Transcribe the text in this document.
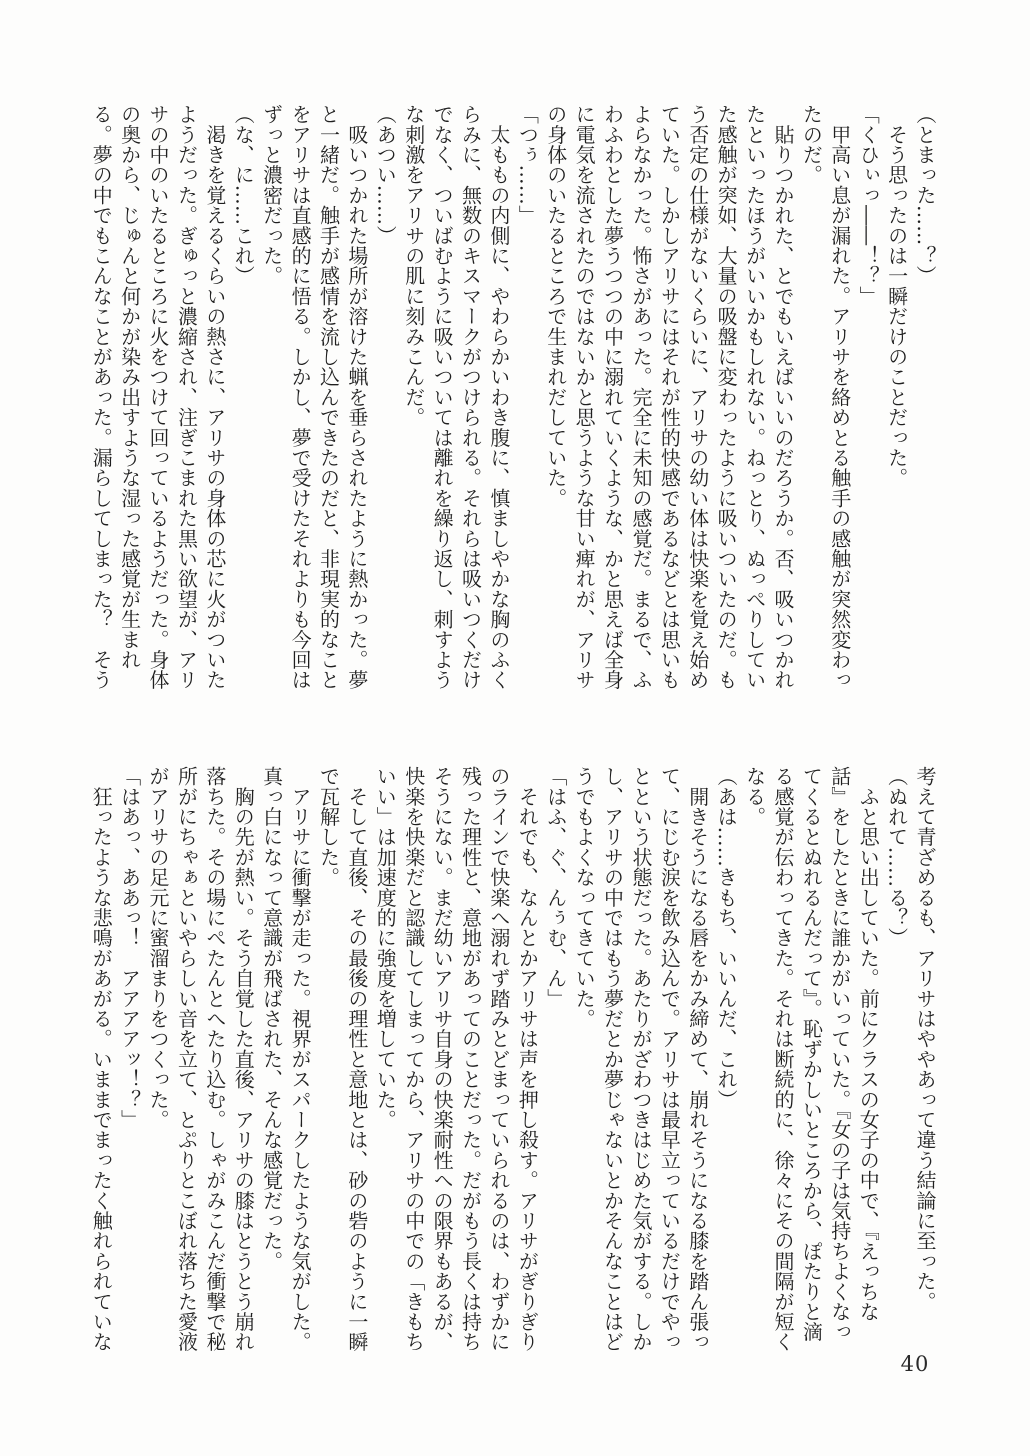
（とまった……？）
　そう思ったのは一瞬だけのことだった。
「くひぃっ――！？」
　甲高い息が漏れた。アリサを絡めとる触手の感触が突然変わっ
たのだ。
　貼りつかれた、とでもいえばいいのだろうか。否、吸いつかれ
たといったほうがいいかもしれない。ねっとり、ぬっぺりしてい
た感触が突如、大量の吸盤に変わったように吸いついたのだ。も
う否定の仕様がないくらいに、アリサの幼い体は快楽を覚え始め
ていた。しかしアリサにはそれが性的快感であるなどとは思いも
よらなかった。怖さがあった。完全に未知の感覚だ。まるで、ふ
わふわとした夢うつつの中に溺れていくような、かと思えば全身
に電気を流されたのではないかと思うような甘い痺れが、アリサ
の身体のいたるところで生まれだしていた。
「つぅ……」
　太ももの内側に、やわらかいわき腹に、慎ましやかな胸のふく
らみに、無数のキスマークがつけられる。それらは吸いつくだけ
でなく、ついばむように吸いついては離れを繰り返し、刺すよう
な刺激をアリサの肌に刻みこんだ。
（あつい……）
　吸いつかれた場所が溶けた蝋を垂らされたように熱かった。夢
と一緒だ。触手が感情を流し込んできたのだと、非現実的なこと
をアリサは直感的に悟る。しかし、夢で受けたそれよりも今回は
ずっと濃密だった。
（な、に……これ）
　渇きを覚えるくらいの熱さに、アリサの身体の芯に火がついた
ようだった。ぎゅっと濃縮され、注ぎこまれた黒い欲望が、アリ
サの中のいたるところに火をつけて回っているようだった。身体
の奥から、じゅんと何かが染み出すような湿った感覚が生まれ
る。夢の中でもこんなことがあった。漏らしてしまった？　そう
考えて青ざめるも、アリサはややあって違う結論に至った。
（ぬれて……る？）
　ふと思い出していた。前にクラスの女子の中で、『えっちな
話』をしたときに誰かがいっていた。『女の子は気持ちよくなっ
てくるとぬれるんだって』。恥ずかしいところから、ぽたりと滴
る感覚が伝わってきた。それは断続的に、徐々にその間隔が短く
なる。
（あは……きもち、いいんだ、これ）
　開きそうになる唇をかみ締めて、崩れそうになる膝を踏ん張っ
て、にじむ涙を飲み込んで。アリサは最早立っているだけでやっ
とという状態だった。あたりがざわつきはじめた気がする。しか
し、アリサの中ではもう夢だとか夢じゃないとかそんなことはど
うでもよくなってきていた。
「はふ、ぐ、んぅむ、ん」
　それでも、なんとかアリサは声を押し殺す。アリサがぎりぎり
のラインで快楽へ溺れず踏みとどまっていられるのは、わずかに
残った理性と、意地があってのことだった。だがもう長くは持ち
そうにない。まだ幼いアリサ自身の快楽耐性への限界もあるが、
快楽を快楽だと認識してしまってから、アリサの中での「きもち
いい」は加速度的に強度を増していた。
　そして直後、その最後の理性と意地とは、砂の砦のように一瞬
で瓦解した。
　アリサに衝撃が走った。視界がスパークしたような気がした。
真っ白になって意識が飛ばされた、そんな感覚だった。
　胸の先が熱い。そう自覚した直後、アリサの膝はとうとう崩れ
落ちた。その場にぺたんとへたり込む。しゃがみこんだ衝撃で秘
所がにちゃぁといやらしい音を立て、とぷりとこぼれ落ちた愛液
がアリサの足元に蜜溜まりをつくった。
「はあっ、ああっ！　アアアアッ！？」
　狂ったような悲鳴があがる。いままでまったく触れられていな
40
